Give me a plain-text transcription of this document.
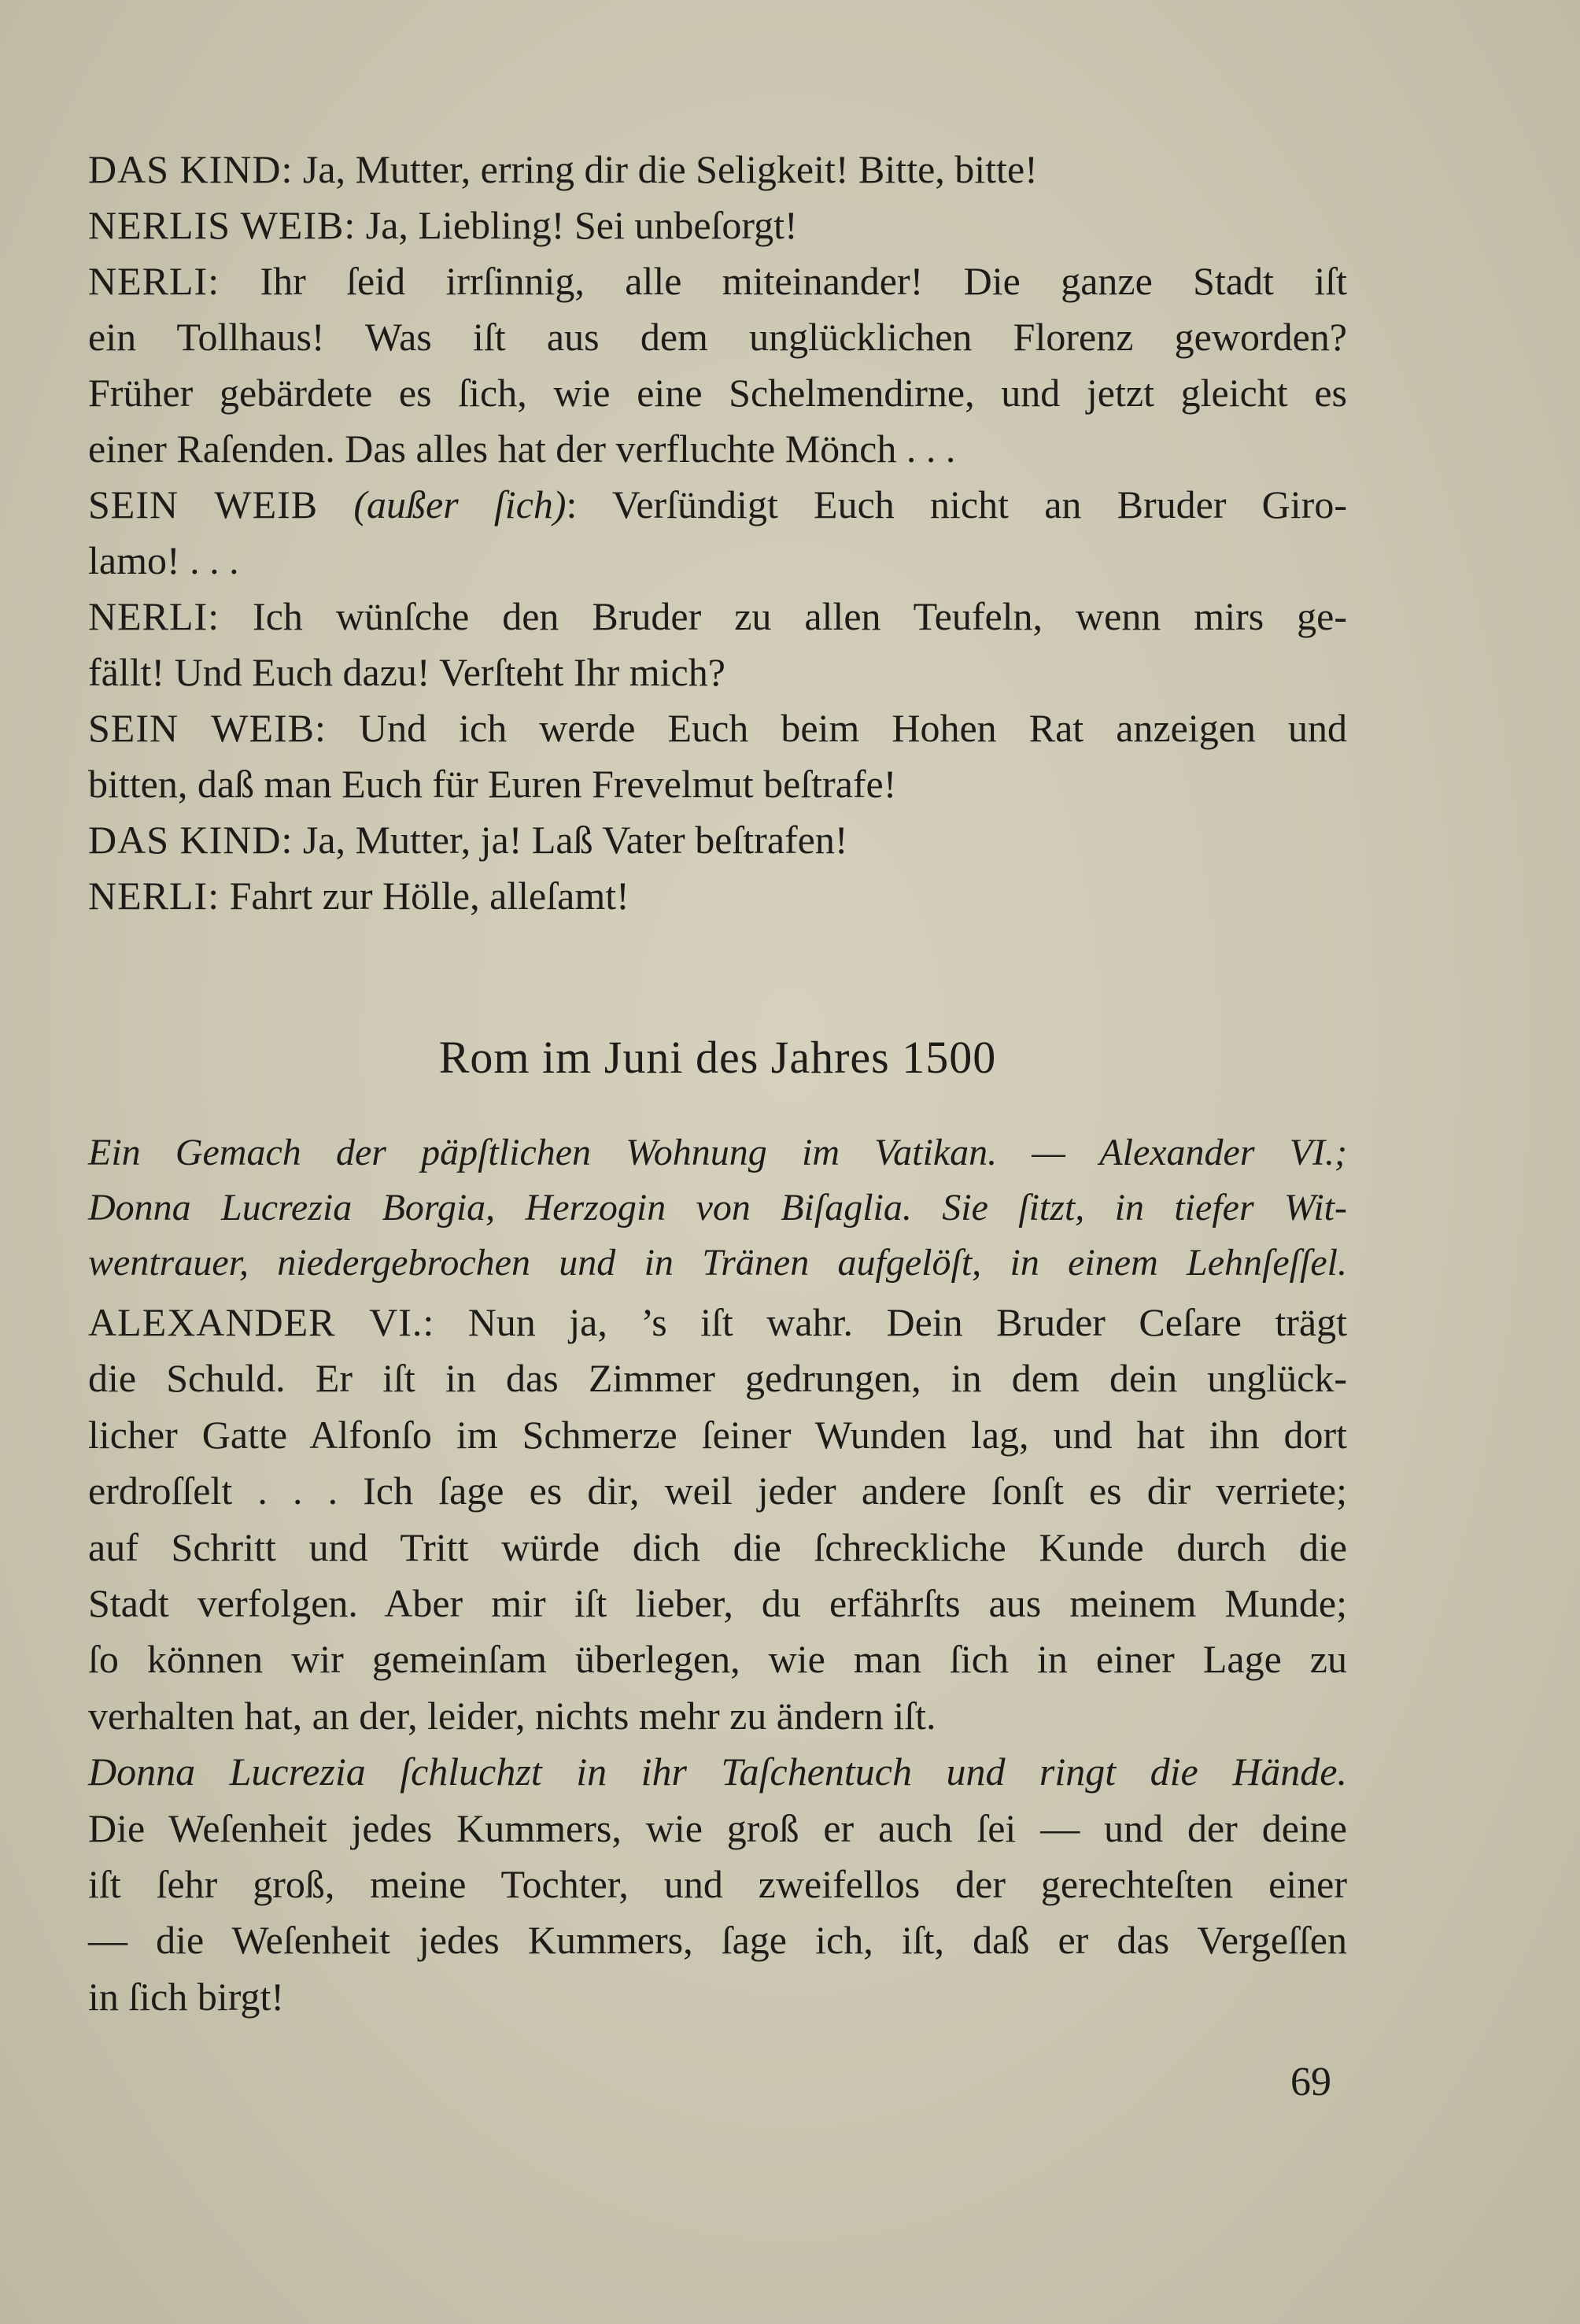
DAS KIND: Ja, Mutter, erring dir die Seligkeit! Bitte, bitte!
NERLIS WEIB: Ja, Liebling! Sei unbeſorgt!
NERLI: Ihr ſeid irrſinnig, alle miteinander! Die ganze Stadt iſt
ein Tollhaus! Was iſt aus dem unglücklichen Florenz geworden?
Früher gebärdete es ſich, wie eine Schelmendirne, und jetzt gleicht es
einer Raſenden. Das alles hat der verfluchte Mönch . . .
SEIN WEIB (außer ſich): Verſündigt Euch nicht an Bruder Giro-
lamo! . . .
NERLI: Ich wünſche den Bruder zu allen Teufeln, wenn mirs ge-
fällt! Und Euch dazu! Verſteht Ihr mich?
SEIN WEIB: Und ich werde Euch beim Hohen Rat anzeigen und
bitten, daß man Euch für Euren Frevelmut beſtrafe!
DAS KIND: Ja, Mutter, ja! Laß Vater beſtrafen!
NERLI: Fahrt zur Hölle, alleſamt!
Rom im Juni des Jahres 1500
Ein Gemach der päpſtlichen Wohnung im Vatikan. — Alexander VI.;
Donna Lucrezia Borgia, Herzogin von Biſaglia. Sie ſitzt, in tiefer Wit-
wentrauer, niedergebrochen und in Tränen aufgelöſt, in einem Lehnſeſſel.
ALEXANDER VI.: Nun ja, ’s iſt wahr. Dein Bruder Ceſare trägt
die Schuld. Er iſt in das Zimmer gedrungen, in dem dein unglück-
licher Gatte Alfonſo im Schmerze ſeiner Wunden lag, und hat ihn dort
erdroſſelt . . . Ich ſage es dir, weil jeder andere ſonſt es dir verriete;
auf Schritt und Tritt würde dich die ſchreckliche Kunde durch die
Stadt verfolgen. Aber mir iſt lieber, du erfährſts aus meinem Munde;
ſo können wir gemeinſam überlegen, wie man ſich in einer Lage zu
verhalten hat, an der, leider, nichts mehr zu ändern iſt.
Donna Lucrezia ſchluchzt in ihr Taſchentuch und ringt die Hände.
Die Weſenheit jedes Kummers, wie groß er auch ſei — und der deine
iſt ſehr groß, meine Tochter, und zweifellos der gerechteſten einer
— die Weſenheit jedes Kummers, ſage ich, iſt, daß er das Vergeſſen
in ſich birgt!
69
